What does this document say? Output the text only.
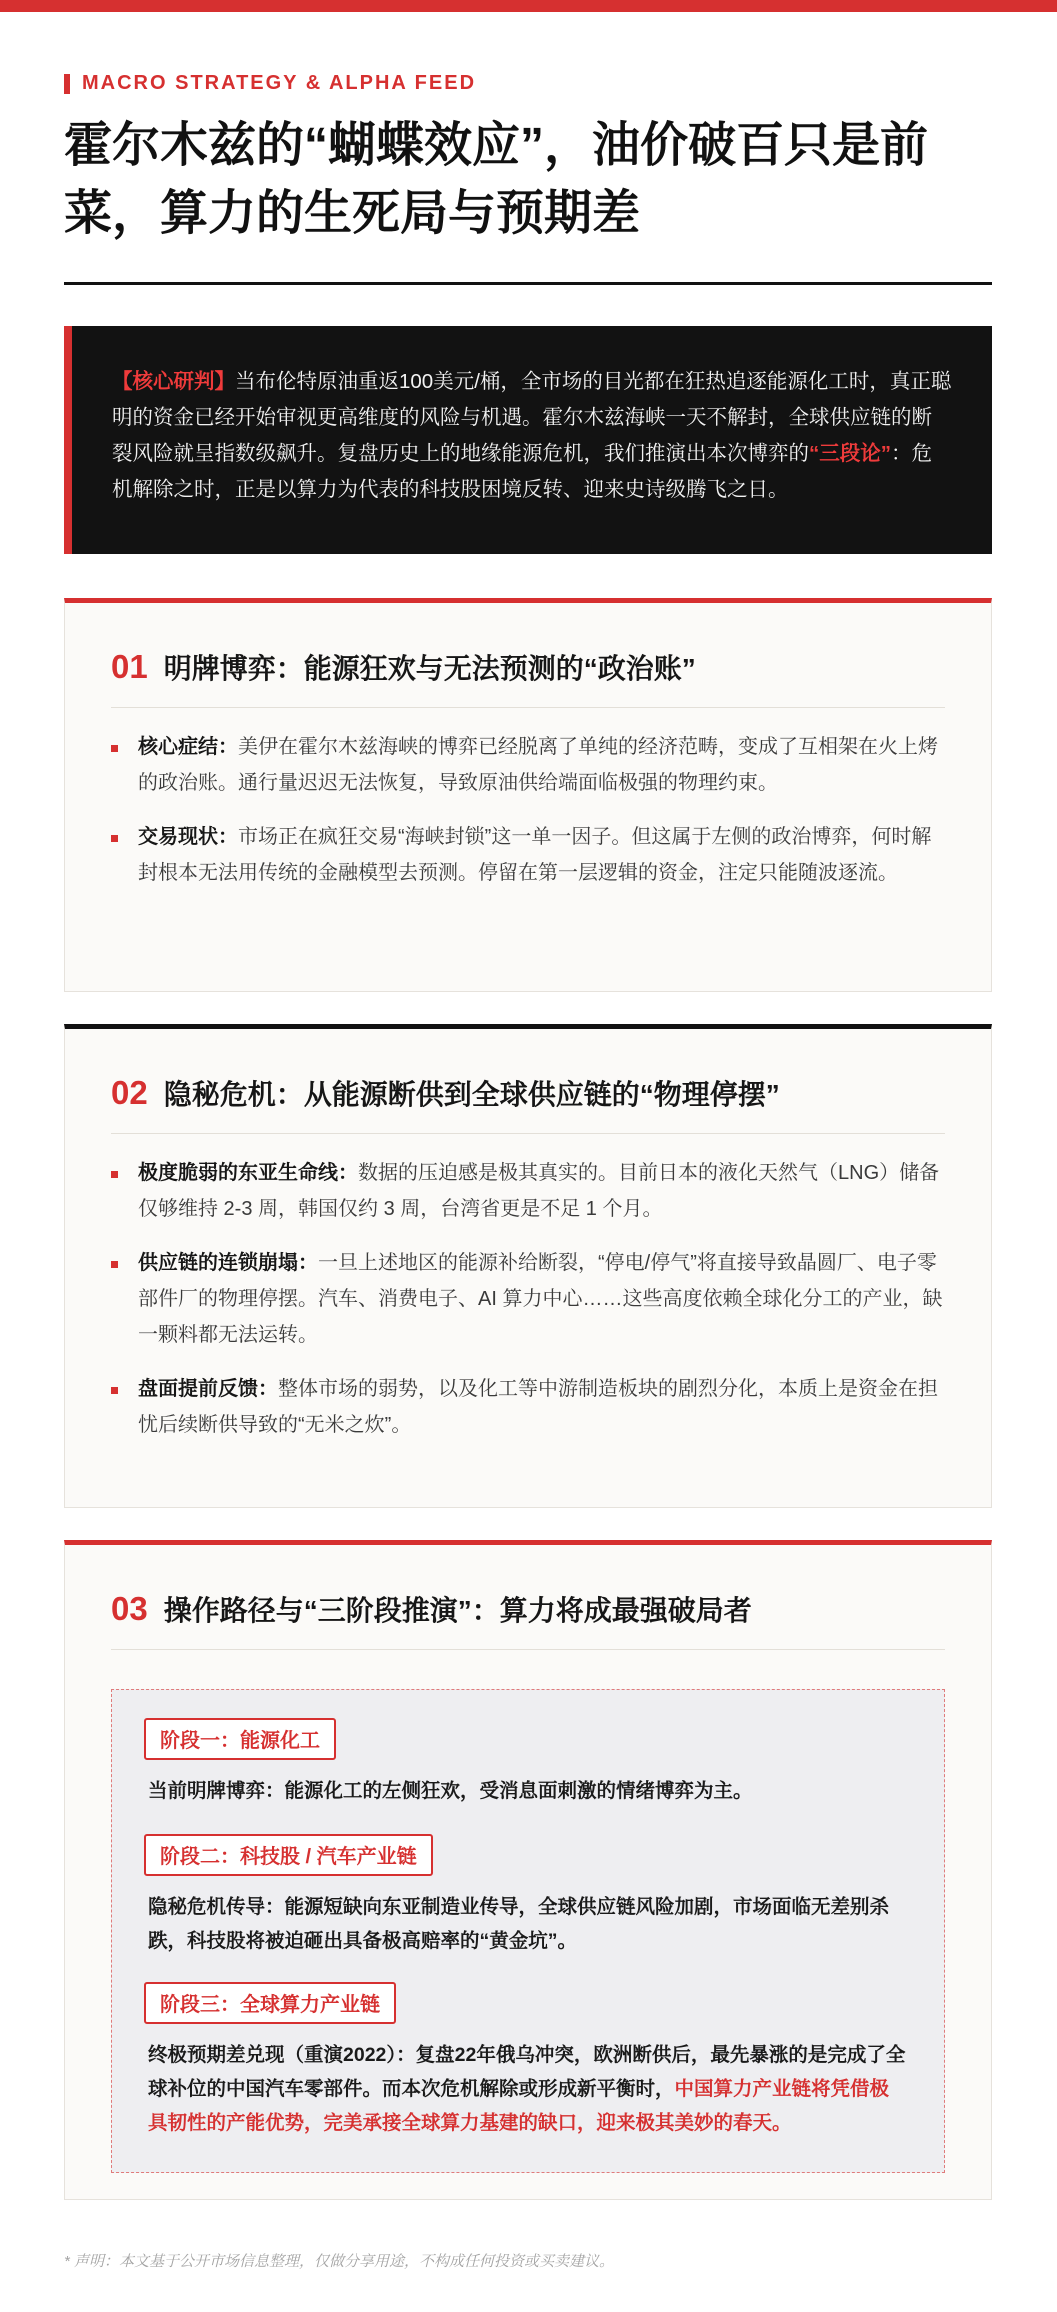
MACRO STRATEGY & ALPHA FEED
霍尔木兹的“蝴蝶效应”，油价破百只是前菜，算力的生死局与预期差
【核心研判】当布伦特原油重返100美元/桶，全市场的目光都在狂热追逐能源化工时，真正聪明的资金已经开始审视更高维度的风险与机遇。霍尔木兹海峡一天不解封，全球供应链的断裂风险就呈指数级飙升。复盘历史上的地缘能源危机，我们推演出本次博弈的“三段论”：危机解除之时，正是以算力为代表的科技股困境反转、迎来史诗级腾飞之日。
01 明牌博弈：能源狂欢与无法预测的“政治账”
核心症结：美伊在霍尔木兹海峡的博弈已经脱离了单纯的经济范畴，变成了互相架在火上烤的政治账。通行量迟迟无法恢复，导致原油供给端面临极强的物理约束。
交易现状：市场正在疯狂交易“海峡封锁”这一单一因子。但这属于左侧的政治博弈，何时解封根本无法用传统的金融模型去预测。停留在第一层逻辑的资金，注定只能随波逐流。
02 隐秘危机：从能源断供到全球供应链的“物理停摆”
极度脆弱的东亚生命线：数据的压迫感是极其真实的。目前日本的液化天然气（LNG）储备仅够维持 2-3 周，韩国仅约 3 周，台湾省更是不足 1 个月。
供应链的连锁崩塌：一旦上述地区的能源补给断裂，“停电/停气”将直接导致晶圆厂、电子零部件厂的物理停摆。汽车、消费电子、AI 算力中心……这些高度依赖全球化分工的产业，缺一颗料都无法运转。
盘面提前反馈：整体市场的弱势，以及化工等中游制造板块的剧烈分化，本质上是资金在担忧后续断供导致的“无米之炊”。
03 操作路径与“三阶段推演”：算力将成最强破局者
阶段一：能源化工
当前明牌博弈：能源化工的左侧狂欢，受消息面刺激的情绪博弈为主。
阶段二：科技股 / 汽车产业链
隐秘危机传导：能源短缺向东亚制造业传导，全球供应链风险加剧，市场面临无差别杀跌，科技股将被迫砸出具备极高赔率的“黄金坑”。
阶段三：全球算力产业链
终极预期差兑现（重演2022）：复盘22年俄乌冲突，欧洲断供后，最先暴涨的是完成了全球补位的中国汽车零部件。而本次危机解除或形成新平衡时，中国算力产业链将凭借极具韧性的产能优势，完美承接全球算力基建的缺口，迎来极其美妙的春天。
* 声明：本文基于公开市场信息整理，仅做分享用途，不构成任何投资或买卖建议。
